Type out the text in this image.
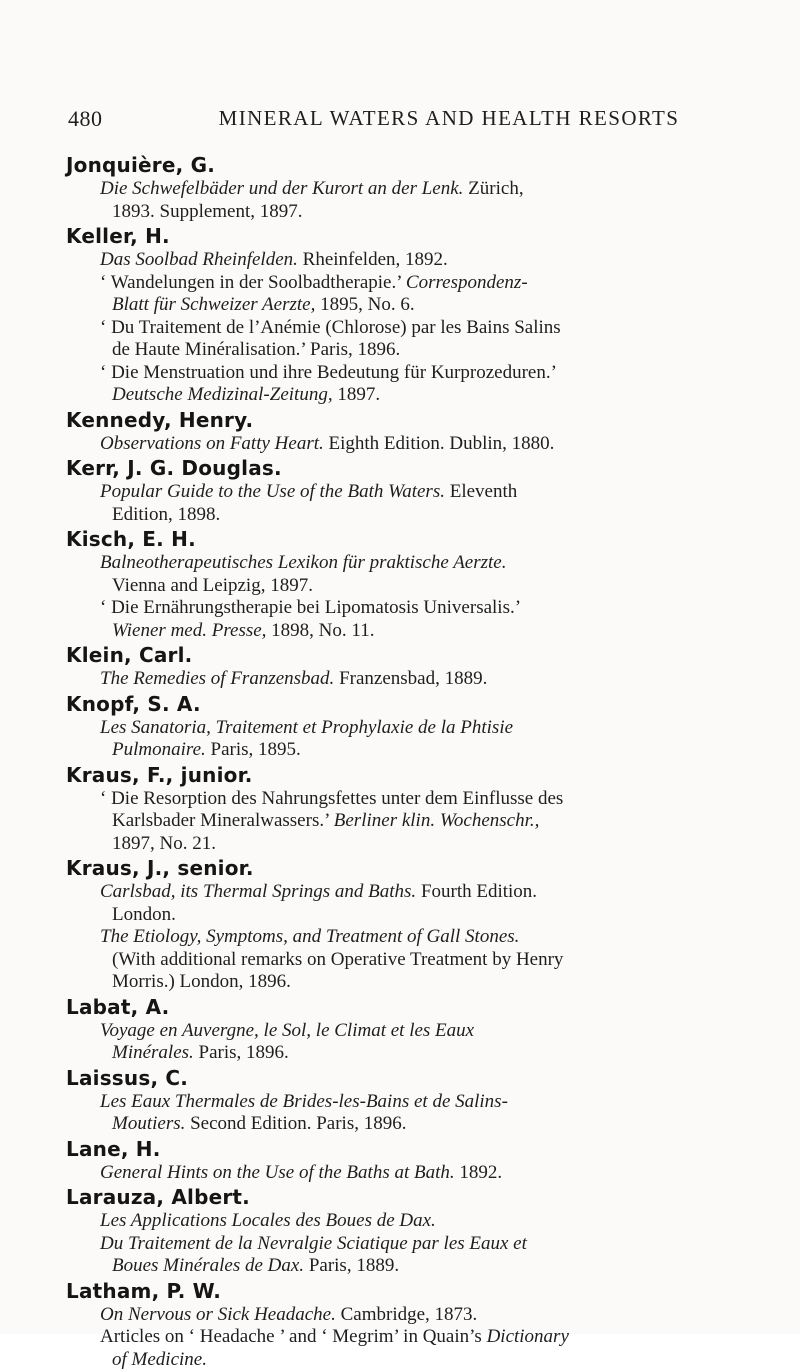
480	MINERAL WATERS AND HEALTH RESORTS
Jonquière, G.
Die Schwefelbäder und der Kurort an der Lenk. Zürich,
1893. Supplement, 1897.
Keller, H.
Das Soolbad Rheinfelden. Rheinfelden, 1892.
‘ Wandelungen in der Soolbadtherapie.’ Correspondenz-
Blatt für Schweizer Aerzte, 1895, No. 6.
‘ Du Traitement de l’Anémie (Chlorose) par les Bains Salins
de Haute Minéralisation.’ Paris, 1896.
‘ Die Menstruation und ihre Bedeutung für Kurprozeduren.’
Deutsche Medizinal-Zeitung, 1897.
Kennedy, Henry.
Observations on Fatty Heart. Eighth Edition. Dublin, 1880.
Kerr, J. G. Douglas.
Popular Guide to the Use of the Bath Waters. Eleventh
Edition, 1898.
Kisch, E. H.
Balneotherapeutisches Lexikon für praktische Aerzte.
Vienna and Leipzig, 1897.
‘ Die Ernährungstherapie bei Lipomatosis Universalis.’
Wiener med. Presse, 1898, No. 11.
Klein, Carl.
The Remedies of Franzensbad. Franzensbad, 1889.
Knopf, S. A.
Les Sanatoria, Traitement et Prophylaxie de la Phtisie
Pulmonaire. Paris, 1895.
Kraus, F., junior.
‘ Die Resorption des Nahrungsfettes unter dem Einflusse des
Karlsbader Mineralwassers.’ Berliner klin. Wochenschr.,
1897, No. 21.
Kraus, J., senior.
Carlsbad, its Thermal Springs and Baths. Fourth Edition.
London.
The Etiology, Symptoms, and Treatment of Gall Stones.
(With additional remarks on Operative Treatment by Henry
Morris.) London, 1896.
Labat, A.
Voyage en Auvergne, le Sol, le Climat et les Eaux
Minérales. Paris, 1896.
Laissus, C.
Les Eaux Thermales de Brides-les-Bains et de Salins-
Moutiers. Second Edition. Paris, 1896.
Lane, H.
General Hints on the Use of the Baths at Bath. 1892.
Larauza, Albert.
Les Applications Locales des Boues de Dax.
Du Traitement de la Nevralgie Sciatique par les Eaux et
Boues Minérales de Dax. Paris, 1889.
Latham, P. W.
On Nervous or Sick Headache. Cambridge, 1873.
Articles on ‘ Headache ’ and ‘ Megrim’ in Quain’s Dictionary
of Medicine.
